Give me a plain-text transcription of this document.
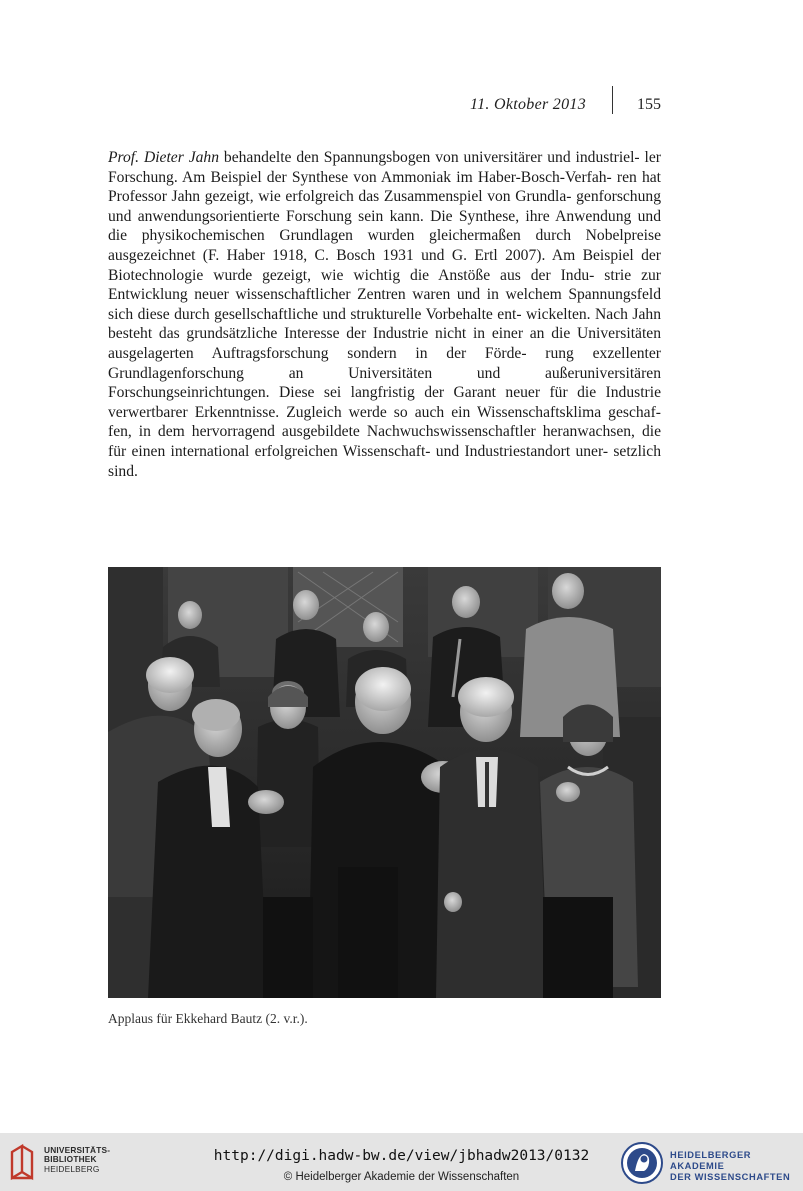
11. Oktober 2013	155

Prof. Dieter Jahn behandelte den Spannungsbogen von universitärer und industriel- ler Forschung. Am Beispiel der Synthese von Ammoniak im Haber-Bosch-Verfah- ren hat Professor Jahn gezeigt, wie erfolgreich das Zusammenspiel von Grundla- genforschung und anwendungsorientierte Forschung sein kann. Die Synthese, ihre Anwendung und die physikochemischen Grundlagen wurden gleichermaßen durch Nobelpreise ausgezeichnet (F. Haber 1918, C. Bosch 1931 und G. Ertl 2007). Am Beispiel der Biotechnologie wurde gezeigt, wie wichtig die Anstöße aus der Indu- strie zur Entwicklung neuer wissenschaftlicher Zentren waren und in welchem Spannungsfeld sich diese durch gesellschaftliche und strukturelle Vorbehalte ent- wickelten. Nach Jahn besteht das grundsätzliche Interesse der Industrie nicht in einer an die Universitäten ausgelagerten Auftragsforschung sondern in der Förde- rung exzellenter Grundlagenforschung an Universitäten und außeruniversitären Forschungseinrichtungen. Diese sei langfristig der Garant neuer für die Industrie verwertbarer Erkenntnisse. Zugleich werde so auch ein Wissenschaftsklima geschaf- fen, in dem hervorragend ausgebildete Nachwuchswissenschaftler heranwachsen, die für einen international erfolgreichen Wissenschaft- und Industriestandort uner- setzlich sind.

Applaus für Ekkehard Bautz (2. v.r.).
UNIVERSITÄTS-
BIBLIOTHEK
HEIDELBERG
http://digi.hadw-bw.de/view/jbhadw2013/0132
© Heidelberger Akademie der Wissenschaften
HEIDELBERGER AKADEMIE
DER WISSENSCHAFTEN
